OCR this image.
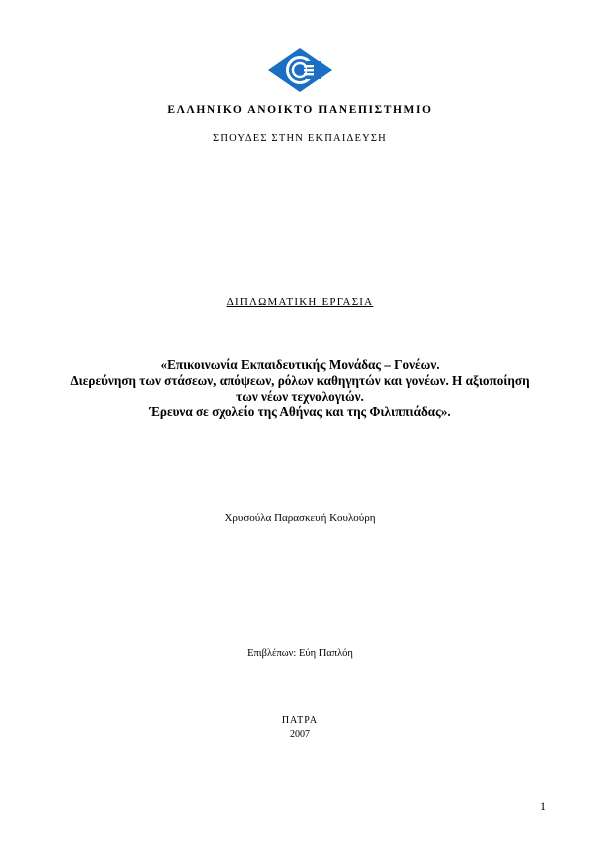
ΕΛΛΗΝΙΚΟ ΑΝΟΙΚΤΟ ΠΑΝΕΠΙΣΤΗΜΙΟ
ΣΠΟΥΔΕΣ ΣΤΗΝ ΕΚΠΑΙΔΕΥΣΗ
ΔΙΠΛΩΜΑΤΙΚΗ ΕΡΓΑΣΙΑ
«Επικοινωνία Εκπαιδευτικής Μονάδας – Γονέων.
Διερεύνηση των στάσεων, απόψεων, ρόλων καθηγητών και γονέων. Η αξιοποίηση
των νέων τεχνολογιών.
Έρευνα σε σχολείο της Αθήνας και της Φιλιππιάδας».
Χρυσούλα Παρασκευή Κουλούρη
Επιβλέπων: Εύη Παπλόη
ΠΑΤΡΑ
2007
1
